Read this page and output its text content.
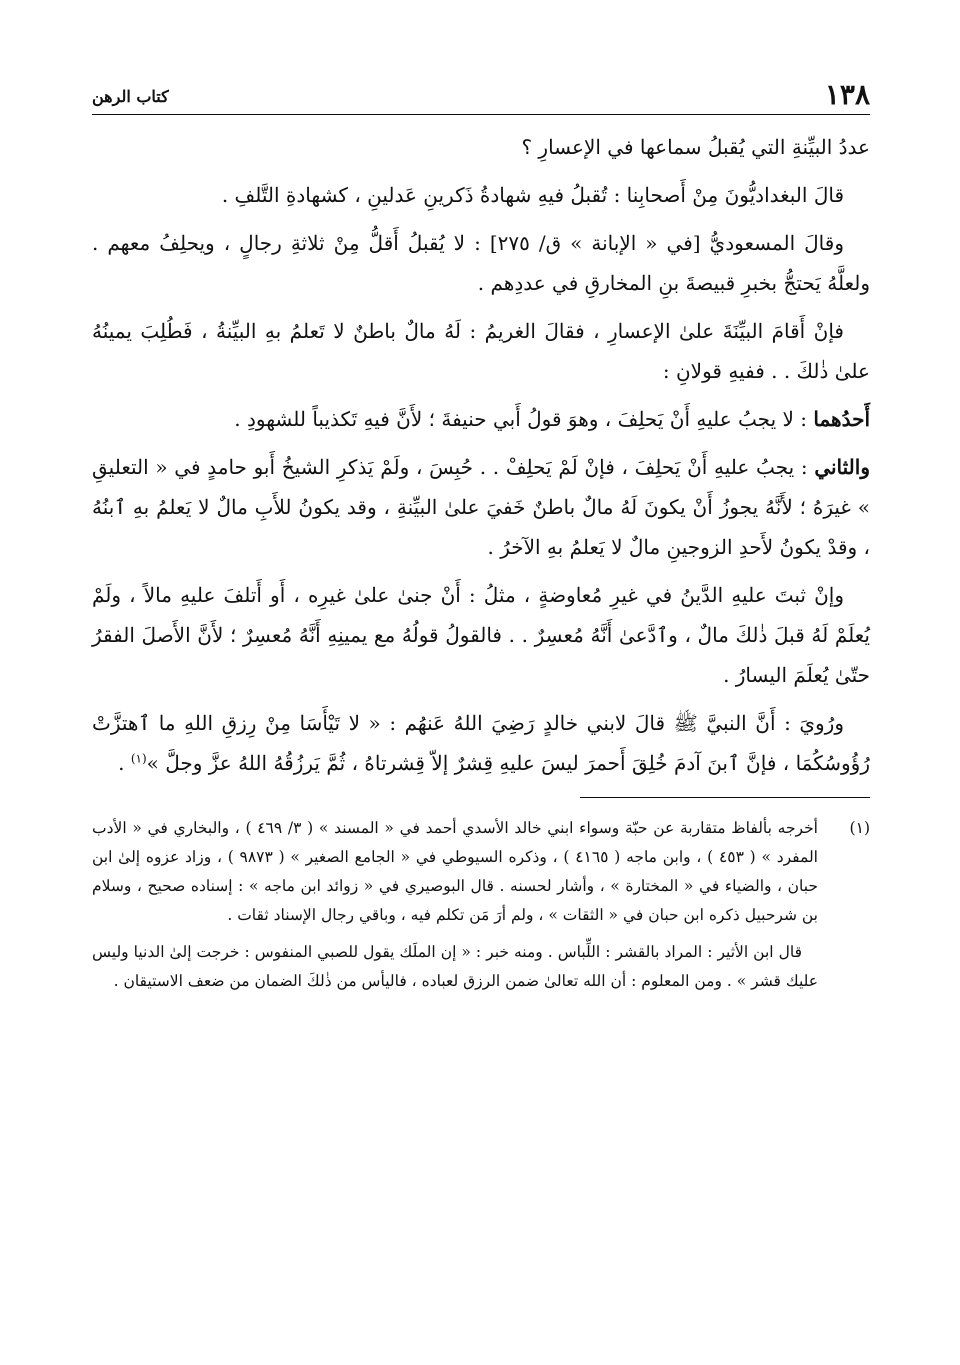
١٣٨
كتاب الرهن

عددُ البيِّنةِ التي يُقبلُ سماعها في الإعسارِ ؟

قالَ البغداديُّونَ مِنْ أَصحابِنا : تُقبلُ فيهِ شهادةُ ذَكرينِ عَدلينِ ، كشهادةِ التَّلفِ .

وقالَ المسعوديُّ [في « الإبانة » ق/ ٢٧٥] : لا يُقبلُ أَقلُّ مِنْ ثلاثةِ رجالٍ ، ويحلِفُ معهم . ولعلَّهُ يَحتجُّ بخبرِ قبيصةَ بنِ المخارقِ في عددِهم .

فإنْ أَقامَ البيِّنَةَ علىٰ الإعسارِ ، فقالَ الغريمُ : لَهُ مالٌ باطنٌ لا تَعلمُ بهِ البيِّنةُ ، فَطُلِبَ يمينُهُ علىٰ ذٰلكَ . . ففيهِ قولانِ :

أَحدُهما : لا يجبُ عليهِ أَنْ يَحلِفَ ، وهوَ قولُ أَبي حنيفةَ ؛ لأَنَّ فيهِ تَكذيباً للشهودِ .

والثاني : يجبُ عليهِ أَنْ يَحلِفَ ، فإنْ لَمْ يَحلِفْ . . حُبِسَ ، ولَمْ يَذكرِ الشيخُ أَبو حامدٍ في « التعليقِ » غيرَهُ ؛ لأَنَّهُ يجوزُ أَنْ يكونَ لَهُ مالٌ باطنٌ خَفيَ علىٰ البيِّنةِ ، وقد يكونُ للأَبِ مالٌ لا يَعلمُ بهِ ٱبنُهُ ، وقدْ يكونُ لأَحدِ الزوجينِ مالٌ لا يَعلمُ بهِ الآخرُ .

وإنْ ثبتَ عليهِ الدَّينُ في غيرِ مُعاوضةٍ ، مثلُ : أَنْ جنىٰ علىٰ غيرِه ، أَو أَتلفَ عليهِ مالاً ، ولَمْ يُعلَمْ لَهُ قبلَ ذٰلكَ مالٌ ، وٱدَّعىٰ أَنَّهُ مُعسِرٌ . . فالقولُ قولُهُ مع يمينِهِ أَنَّهُ مُعسِرٌ ؛ لأَنَّ الأَصلَ الفقرُ حتّىٰ يُعلَمَ اليسارُ .

ورُويَ : أَنَّ النبيَّ ﷺ قالَ لابني خالدٍ رَضِيَ اللهُ عَنهُم : « لا تَيْأَسَا مِنْ رِزقِ اللهِ ما ٱهتزَّتْ رُؤُوسُكُمَا ، فإنَّ ٱبنَ آدمَ خُلِقَ أَحمرَ ليسَ عليهِ قِشرٌ إلاّ قِشرتاهُ ، ثُمَّ يَرزُقُهُ اللهُ عزَّ وجلَّ »$^{(١)}$ .

(١)
أخرجه بألفاظ متقاربة عن حبّة وسواء ابني خالد الأسدي أحمد في « المسند » ( ٣/ ٤٦٩ ) ، والبخاري في « الأدب المفرد » ( ٤٥٣ ) ، وابن ماجه ( ٤١٦٥ ) ، وذكره السيوطي في « الجامع الصغير » ( ٩٨٧٣ ) ، وزاد عزوه إلىٰ ابن حبان ، والضياء في « المختارة » ، وأشار لحسنه . قال البوصيري في « زوائد ابن ماجه » : إسناده صحيح ، وسلام بن شرحبيل ذكره ابن حبان في « الثقات » ، ولم أرَ مَن تكلم فيه ، وباقي رجال الإسناد ثقات .

قال ابن الأثير : المراد بالقشر : اللِّباس . ومنه خبر : « إن الملَك يقول للصبي المنفوس : خرجت إلىٰ الدنيا وليس عليك قشر » . ومن المعلوم : أن الله تعالىٰ ضمن الرزق لعباده ، فاليأس من ذٰلكَ الضمان من ضعف الاستيقان .
